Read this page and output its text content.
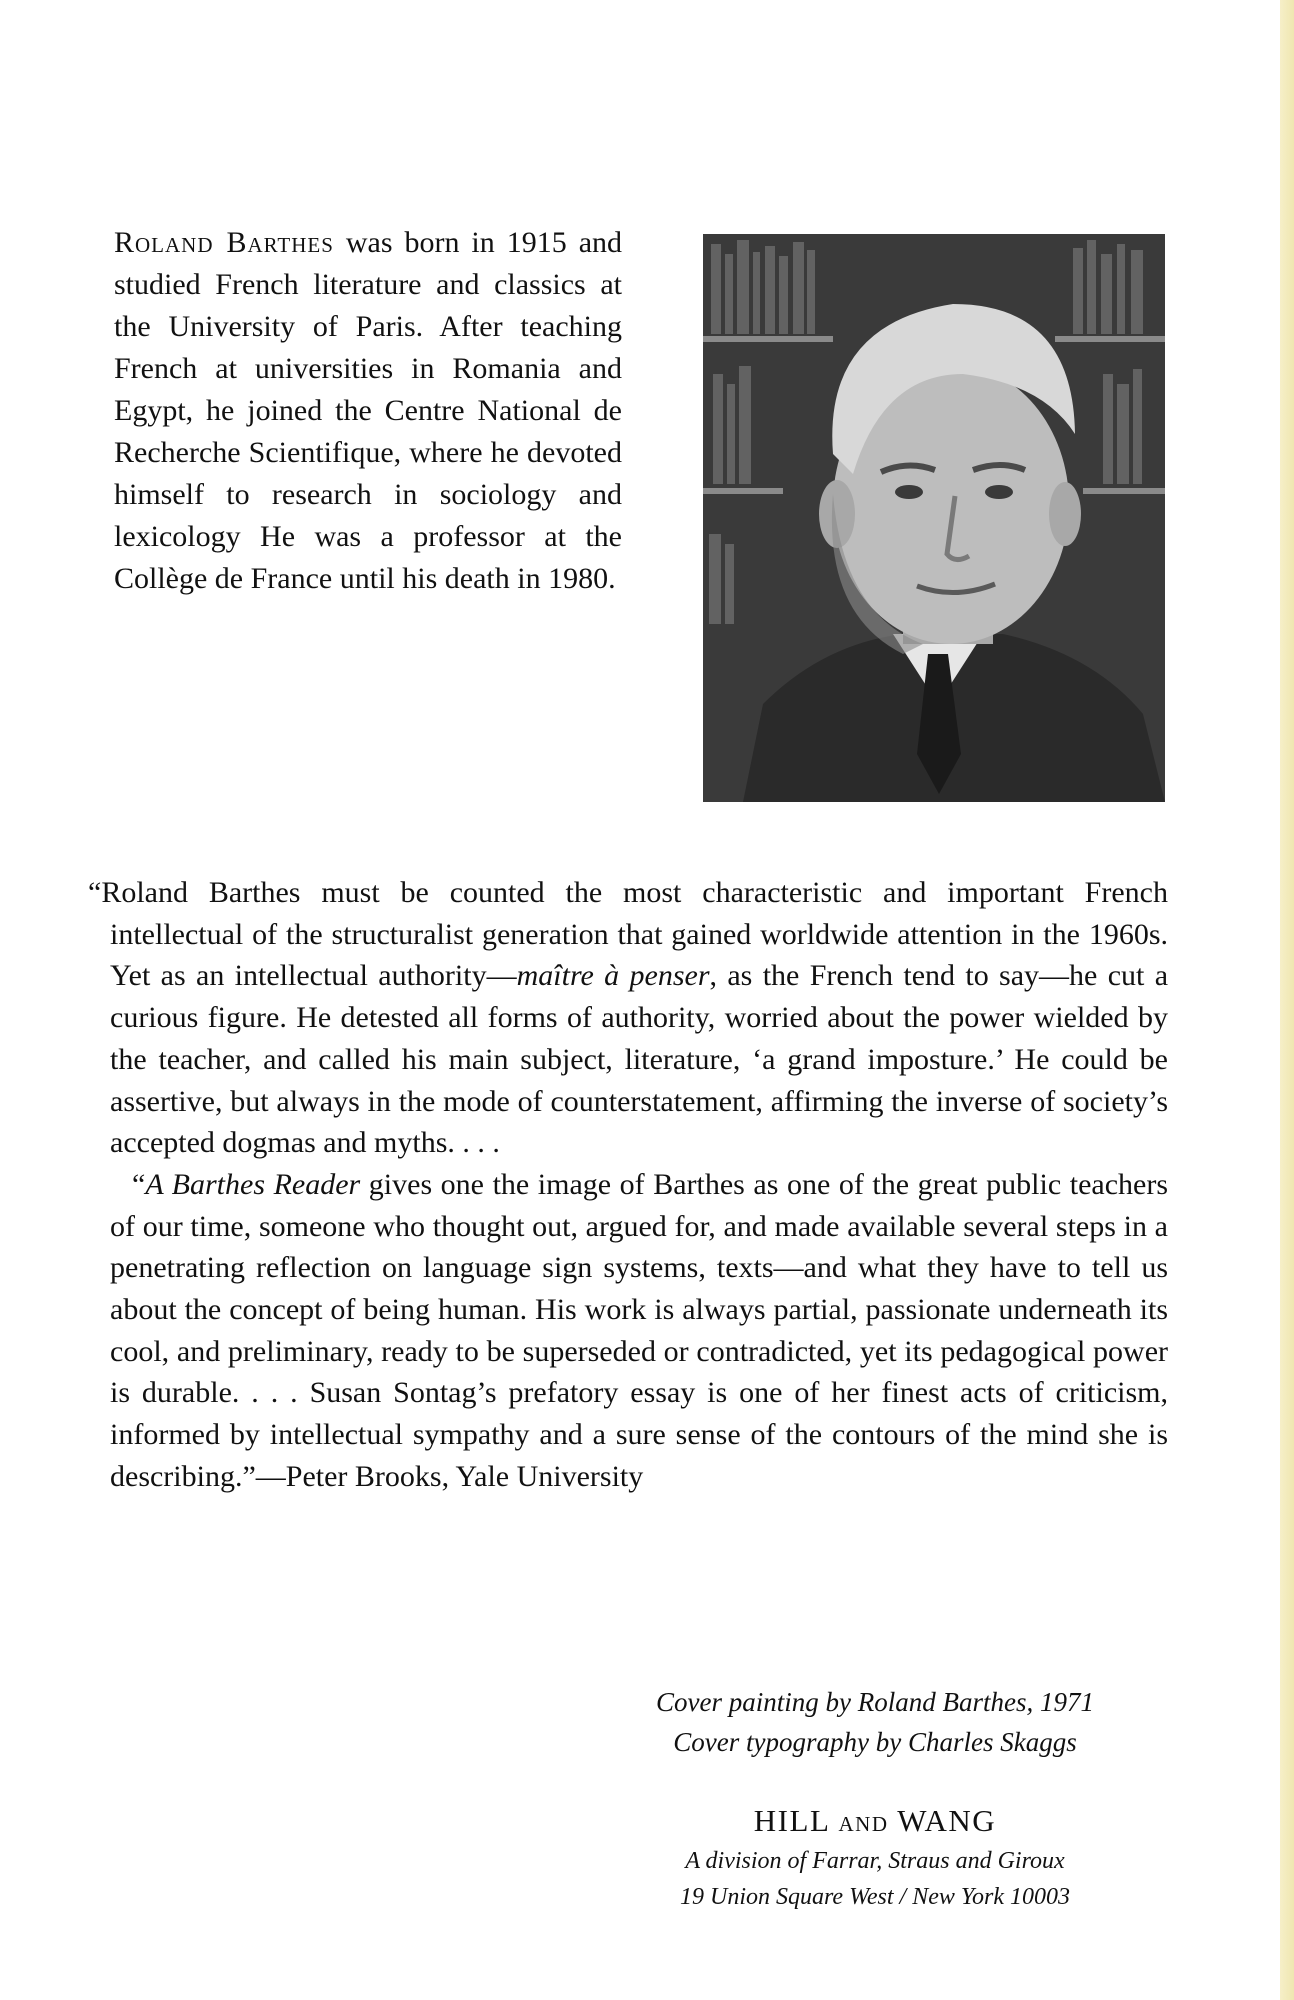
Roland Barthes was born in 1915 and studied French literature and classics at the University of Paris. After teaching French at universities in Romania and Egypt, he joined the Centre National de Recherche Scientifique, where he devoted himself to research in sociology and lexicology He was a professor at the Collège de France until his death in 1980.

“Roland Barthes must be counted the most characteristic and important French intellectual of the structuralist generation that gained worldwide attention in the 1960s. Yet as an intellectual authority—maître à penser, as the French tend to say—he cut a curious figure. He detested all forms of authority, worried about the power wielded by the teacher, and called his main subject, literature, ‘a grand imposture.’ He could be assertive, but always in the mode of counterstatement, affirming the inverse of society’s accepted dogmas and myths. . . .

“A Barthes Reader gives one the image of Barthes as one of the great public teachers of our time, someone who thought out, argued for, and made available several steps in a penetrating reflection on language sign systems, texts—and what they have to tell us about the concept of being human. His work is always partial, passionate underneath its cool, and preliminary, ready to be superseded or contradicted, yet its pedagogical power is durable. . . . Susan Sontag’s prefatory essay is one of her finest acts of criticism, informed by intellectual sympathy and a sure sense of the contours of the mind she is describing.”—Peter Brooks, Yale University

Cover painting by Roland Barthes, 1971
Cover typography by Charles Skaggs
HILL and WANG
A division of Farrar, Straus and Giroux
19 Union Square West / New York 10003
